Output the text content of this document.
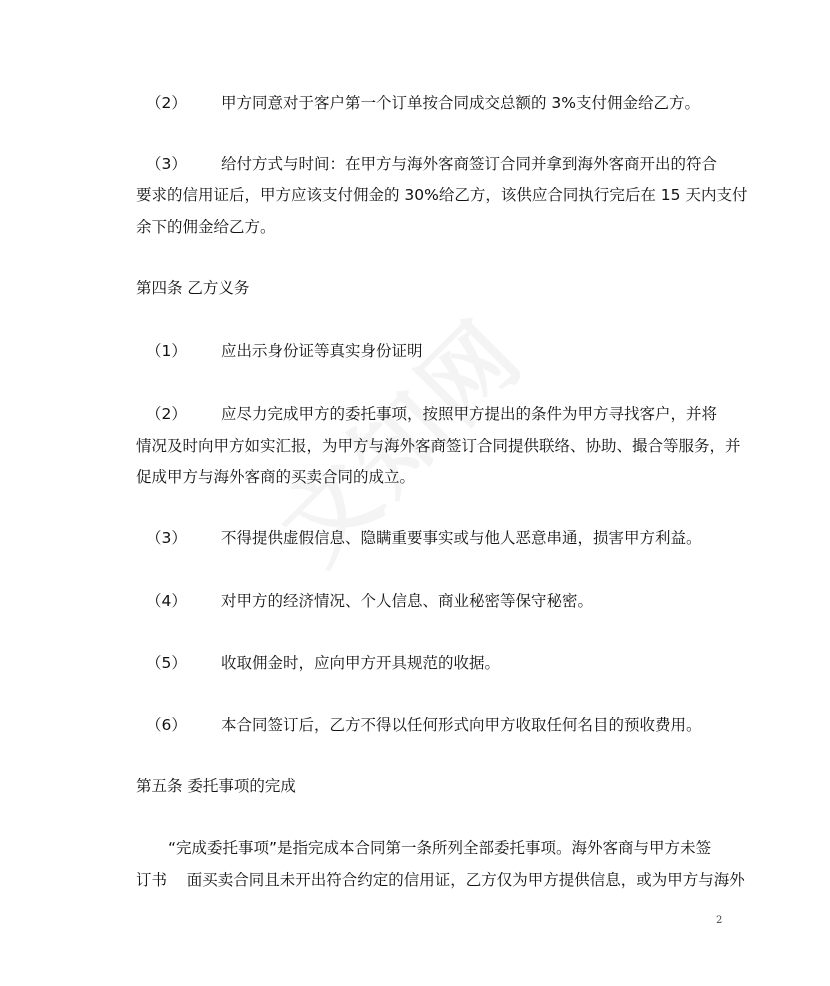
（2） 甲方同意对于客户第一个订单按合同成交总额的 3%支付佣金给乙方。
（3） 给付方式与时间：在甲方与海外客商签订合同并拿到海外客商开出的符合
要求的信用证后，甲方应该支付佣金的 30%给乙方，该供应合同执行完后在 15 天内支付
余下的佣金给乙方。
第四条 乙方义务
（1） 应出示身份证等真实身份证明
（2） 应尽力完成甲方的委托事项，按照甲方提出的条件为甲方寻找客户，并将
情况及时向甲方如实汇报，为甲方与海外客商签订合同提供联络、协助、撮合等服务，并
促成甲方与海外客商的买卖合同的成立。
（3） 不得提供虚假信息、隐瞒重要事实或与他人恶意串通，损害甲方利益。
（4） 对甲方的经济情况、个人信息、商业秘密等保守秘密。
（5） 收取佣金时，应向甲方开具规范的收据。
（6） 本合同签订后，乙方不得以任何形式向甲方收取任何名目的预收费用。
第五条 委托事项的完成
“完成委托事项”是指完成本合同第一条所列全部委托事项。海外客商与甲方未签
订书    面买卖合同且未开出符合约定的信用证，乙方仅为甲方提供信息，或为甲方与海外
2
